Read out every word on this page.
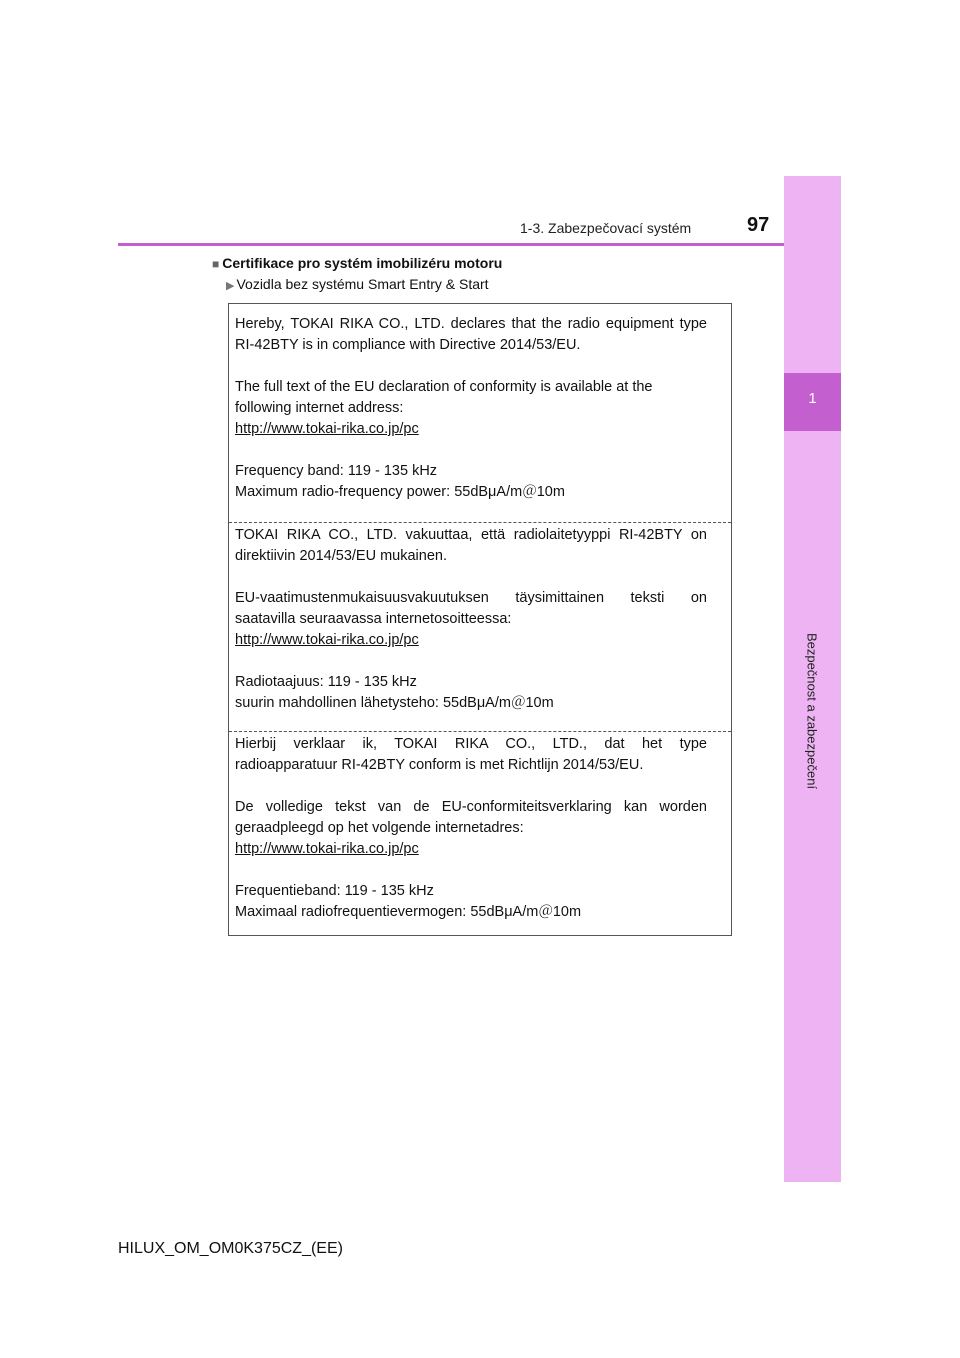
1
Bezpečnost a zabezpečení
1-3. Zabezpečovací systém	97
■ Certifikace pro systém imobilizéru motoru
▶ Vozidla bez systému Smart Entry & Start

Hereby, TOKAI RIKA CO., LTD. declares that the radio equipment type

RI-42BTY is in compliance with Directive 2014/53/EU.

The full text of the EU declaration of conformity is available at the

following internet address:

http://www.tokai-rika.co.jp/pc

Frequency band: 119 - 135 kHz

Maximum radio-frequency power: 55dBμA/m＠10m

TOKAI RIKA CO., LTD. vakuuttaa, että radiolaitetyyppi RI-42BTY on

direktiivin 2014/53/EU mukainen.

EU-vaatimustenmukaisuusvakuutuksen täysimittainen teksti on

saatavilla seuraavassa internetosoitteessa:

http://www.tokai-rika.co.jp/pc

Radiotaajuus: 119 - 135 kHz

suurin mahdollinen lähetysteho: 55dBμA/m＠10m

Hierbij verklaar ik, TOKAI RIKA CO., LTD., dat het type

radioapparatuur RI-42BTY conform is met Richtlijn 2014/53/EU.

De volledige tekst van de EU-conformiteitsverklaring kan worden

geraadpleegd op het volgende internetadres:

http://www.tokai-rika.co.jp/pc

Frequentieband: 119 - 135 kHz

Maximaal radiofrequentievermogen: 55dBμA/m＠10m

HILUX_OM_OM0K375CZ_(EE)
